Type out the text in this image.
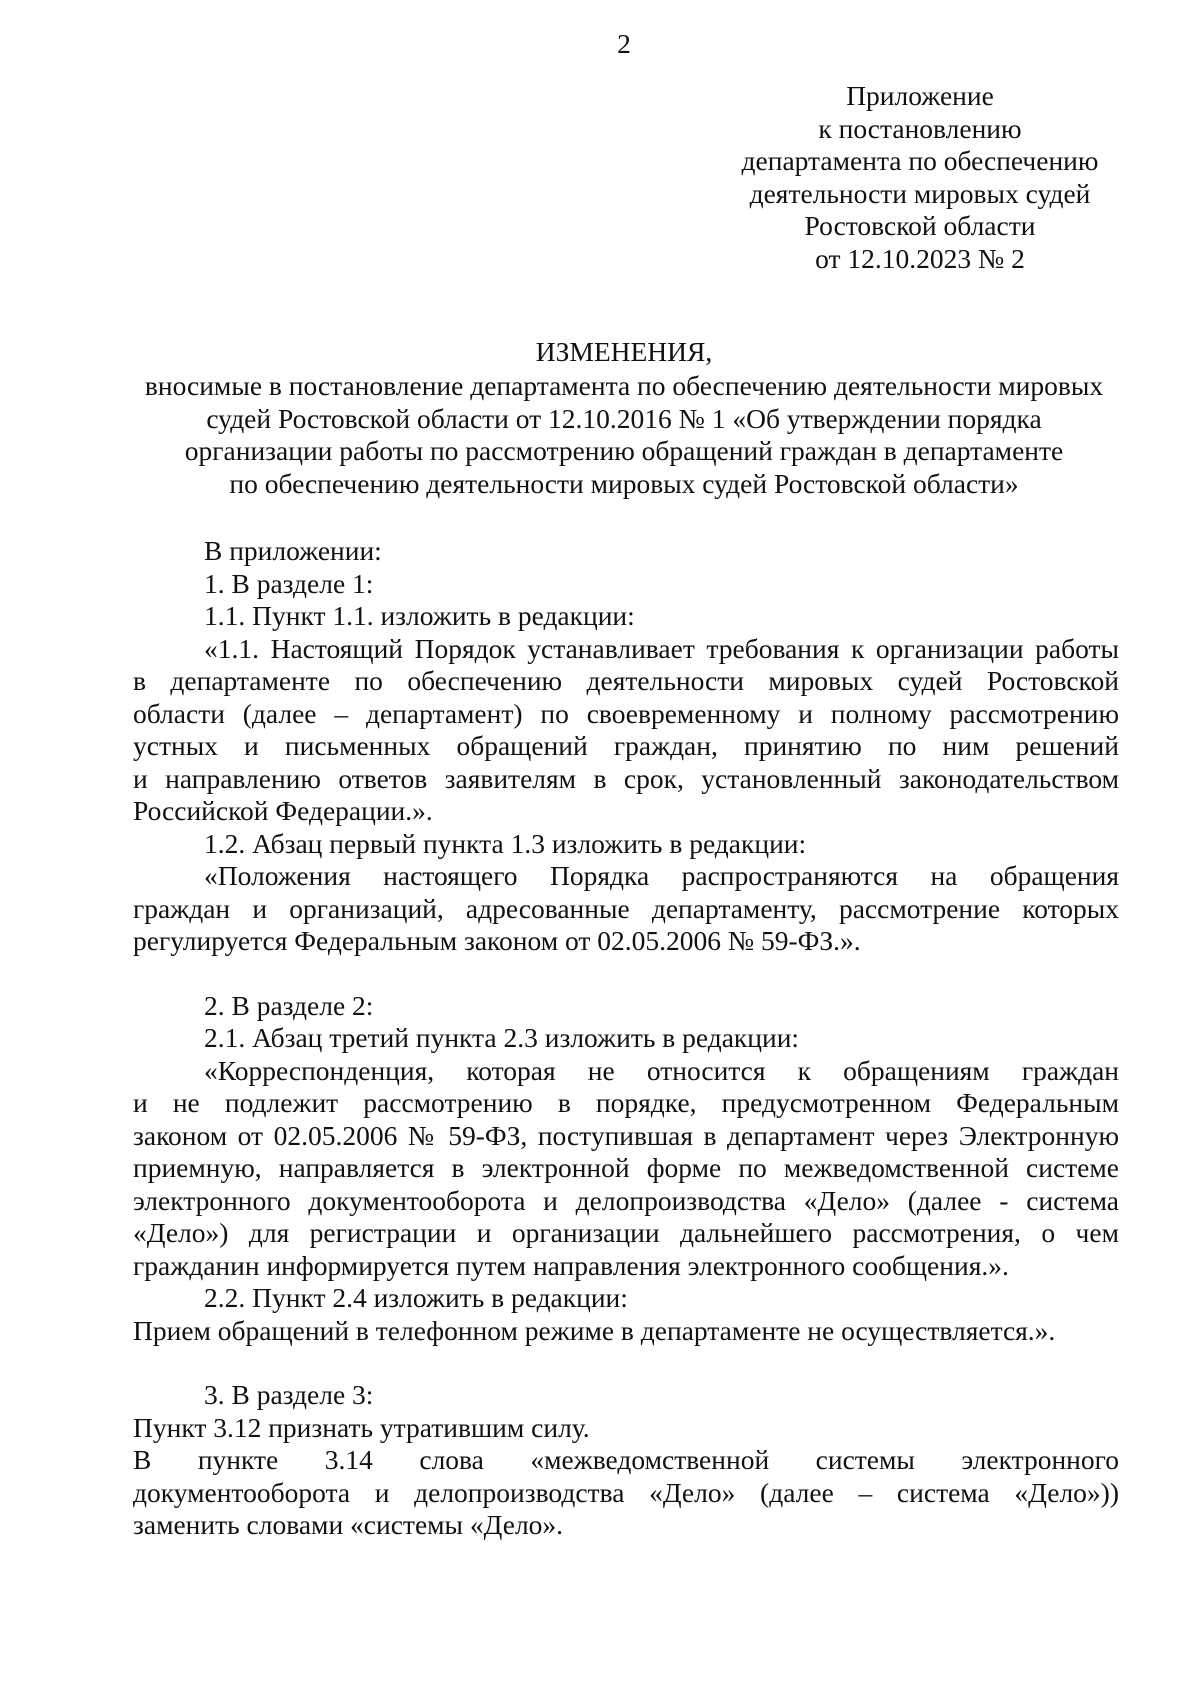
2
Приложение
к постановлению
департамента по обеспечению
деятельности мировых судей
Ростовской области
от 12.10.2023 № 2
ИЗМЕНЕНИЯ,
вносимые в постановление департамента по обеспечению деятельности мировых
судей Ростовской области от 12.10.2016 № 1 «Об утверждении порядка
организации работы по рассмотрению обращений граждан в департаменте
по обеспечению деятельности мировых судей Ростовской области»
В приложении:
1. В разделе 1:
1.1. Пункт 1.1. изложить в редакции:
«1.1. Настоящий Порядок устанавливает требования к организации работы
в департаменте по обеспечению деятельности мировых судей Ростовской
области (далее – департамент) по своевременному и полному рассмотрению
устных и письменных обращений граждан, принятию по ним решений
и направлению ответов заявителям в срок, установленный законодательством
Российской Федерации.».
1.2. Абзац первый пункта 1.3 изложить в редакции:
«Положения настоящего Порядка распространяются на обращения
граждан и организаций, адресованные департаменту, рассмотрение которых
регулируется Федеральным законом от 02.05.2006 № 59-ФЗ.».
2. В разделе 2:
2.1. Абзац третий пункта 2.3 изложить в редакции:
«Корреспонденция, которая не относится к обращениям граждан
и не подлежит рассмотрению в порядке, предусмотренном Федеральным
законом от 02.05.2006 № 59-ФЗ, поступившая в департамент через Электронную
приемную, направляется в электронной форме по межведомственной системе
электронного документооборота и делопроизводства «Дело» (далее - система
«Дело») для регистрации и организации дальнейшего рассмотрения, о чем
гражданин информируется путем направления электронного сообщения.».
2.2. Пункт 2.4 изложить в редакции:
Прием обращений в телефонном режиме в департаменте не осуществляется.».
3. В разделе 3:
Пункт 3.12 признать утратившим силу.
В пункте 3.14 слова «межведомственной системы электронного
документооборота и делопроизводства «Дело» (далее – система «Дело»))
заменить словами «системы «Дело».
